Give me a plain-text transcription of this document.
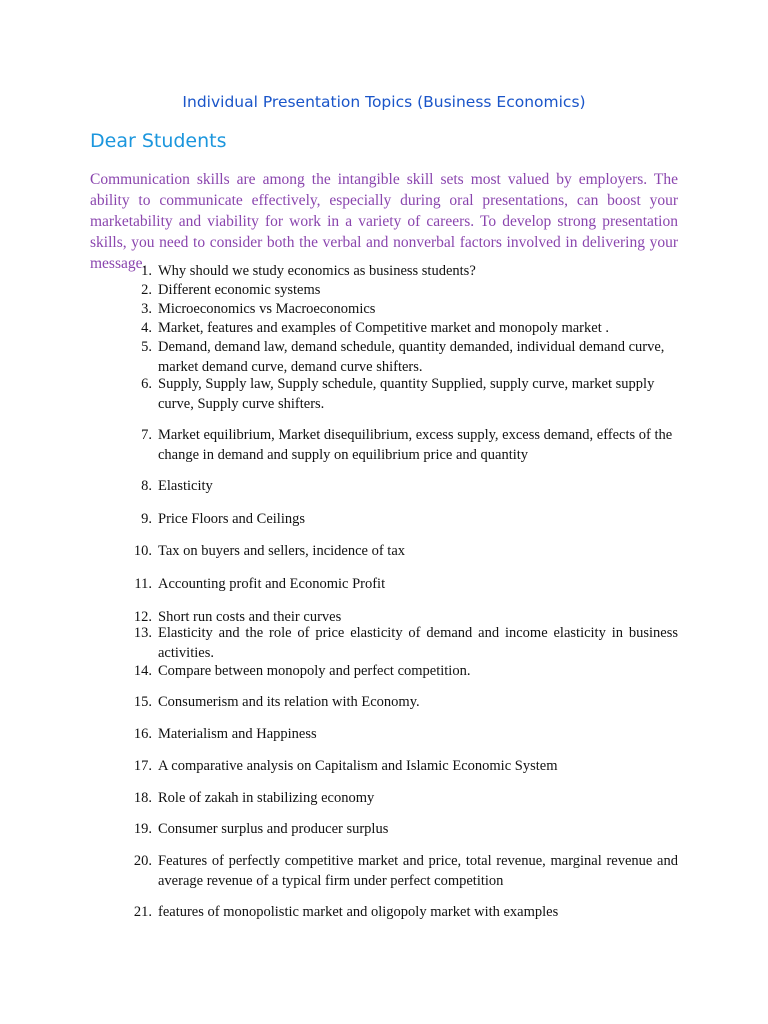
Individual Presentation Topics (Business Economics)
Dear Students
Communication skills are among the intangible skill sets most valued by employers. The ability to communicate effectively, especially during oral presentations, can boost your marketability and viability for work in a variety of careers. To develop strong presentation skills, you need to consider both the verbal and nonverbal factors involved in delivering your message.
1. Why should we study economics as business students?
2. Different economic systems
3. Microeconomics vs Macroeconomics
4. Market, features and examples of Competitive market and monopoly market .
5. Demand, demand law, demand schedule, quantity demanded, individual demand curve, market demand curve, demand curve shifters.
6. Supply, Supply law, Supply schedule, quantity Supplied, supply curve, market supply curve, Supply curve shifters.
7. Market equilibrium, Market disequilibrium, excess supply, excess demand, effects of the change in demand and supply on equilibrium price and quantity
8. Elasticity
9. Price Floors and Ceilings
10. Tax on buyers and sellers, incidence of tax
11. Accounting profit and Economic Profit
12. Short run costs and their curves
13. Elasticity and the role of price elasticity of demand and income elasticity in business activities.
14. Compare between monopoly and perfect competition.
15. Consumerism and its relation with Economy.
16. Materialism and Happiness
17. A comparative analysis on Capitalism and Islamic Economic System
18. Role of zakah in stabilizing economy
19. Consumer surplus and producer surplus
20. Features of perfectly competitive market and price, total revenue, marginal revenue and average revenue of a typical firm under perfect competition
21. features of monopolistic market and oligopoly market with examples
